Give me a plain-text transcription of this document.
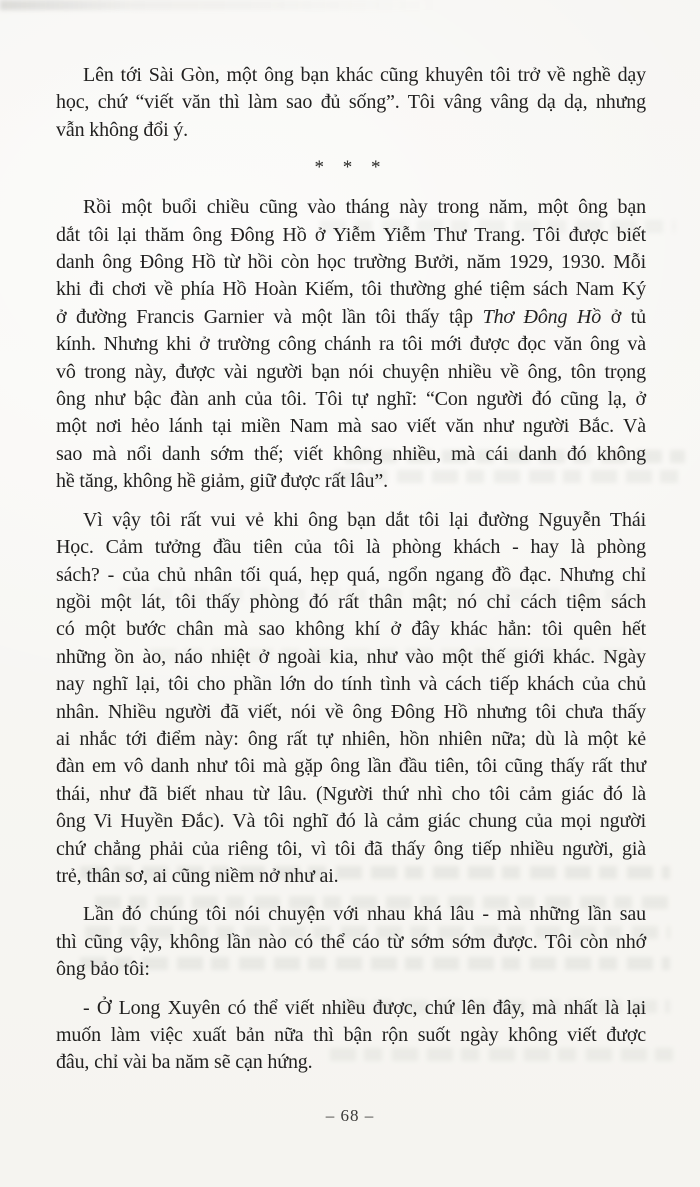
Lên tới Sài Gòn, một ông bạn khác cũng khuyên tôi trở về nghề dạy
học, chứ “viết văn thì làm sao đủ sống”. Tôi vâng vâng dạ dạ, nhưng
vẫn không đổi ý.
* * *
Rồi một buổi chiều cũng vào tháng này trong năm, một ông bạn
dắt tôi lại thăm ông Đông Hồ ở Yiễm Yiễm Thư Trang. Tôi được biết
danh ông Đông Hồ từ hồi còn học trường Bưởi, năm 1929, 1930. Mỗi
khi đi chơi về phía Hồ Hoàn Kiếm, tôi thường ghé tiệm sách Nam Ký
ở đường Francis Garnier và một lần tôi thấy tập Thơ Đông Hồ ở tủ
kính. Nhưng khi ở trường công chánh ra tôi mới được đọc văn ông và
vô trong này, được vài người bạn nói chuyện nhiều về ông, tôn trọng
ông như bậc đàn anh của tôi. Tôi tự nghĩ: “Con người đó cũng lạ, ở
một nơi hẻo lánh tại miền Nam mà sao viết văn như người Bắc. Và
sao mà nổi danh sớm thế; viết không nhiều, mà cái danh đó không
hề tăng, không hề giảm, giữ được rất lâu”.
Vì vậy tôi rất vui vẻ khi ông bạn dắt tôi lại đường Nguyễn Thái
Học. Cảm tưởng đầu tiên của tôi là phòng khách - hay là phòng
sách? - của chủ nhân tối quá, hẹp quá, ngổn ngang đồ đạc. Nhưng chỉ
ngồi một lát, tôi thấy phòng đó rất thân mật; nó chỉ cách tiệm sách
có một bước chân mà sao không khí ở đây khác hẳn: tôi quên hết
những ồn ào, náo nhiệt ở ngoài kia, như vào một thế giới khác. Ngày
nay nghĩ lại, tôi cho phần lớn do tính tình và cách tiếp khách của chủ
nhân. Nhiều người đã viết, nói về ông Đông Hồ nhưng tôi chưa thấy
ai nhắc tới điểm này: ông rất tự nhiên, hồn nhiên nữa; dù là một kẻ
đàn em vô danh như tôi mà gặp ông lần đầu tiên, tôi cũng thấy rất thư
thái, như đã biết nhau từ lâu. (Người thứ nhì cho tôi cảm giác đó là
ông Vi Huyền Đắc). Và tôi nghĩ đó là cảm giác chung của mọi người
chứ chẳng phải của riêng tôi, vì tôi đã thấy ông tiếp nhiều người, già
trẻ, thân sơ, ai cũng niềm nở như ai.
Lần đó chúng tôi nói chuyện với nhau khá lâu - mà những lần sau
thì cũng vậy, không lần nào có thể cáo từ sớm sớm được. Tôi còn nhớ
ông bảo tôi:
- Ở Long Xuyên có thể viết nhiều được, chứ lên đây, mà nhất là lại
muốn làm việc xuất bản nữa thì bận rộn suốt ngày không viết được
đâu, chỉ vài ba năm sẽ cạn hứng.
– 68 –
